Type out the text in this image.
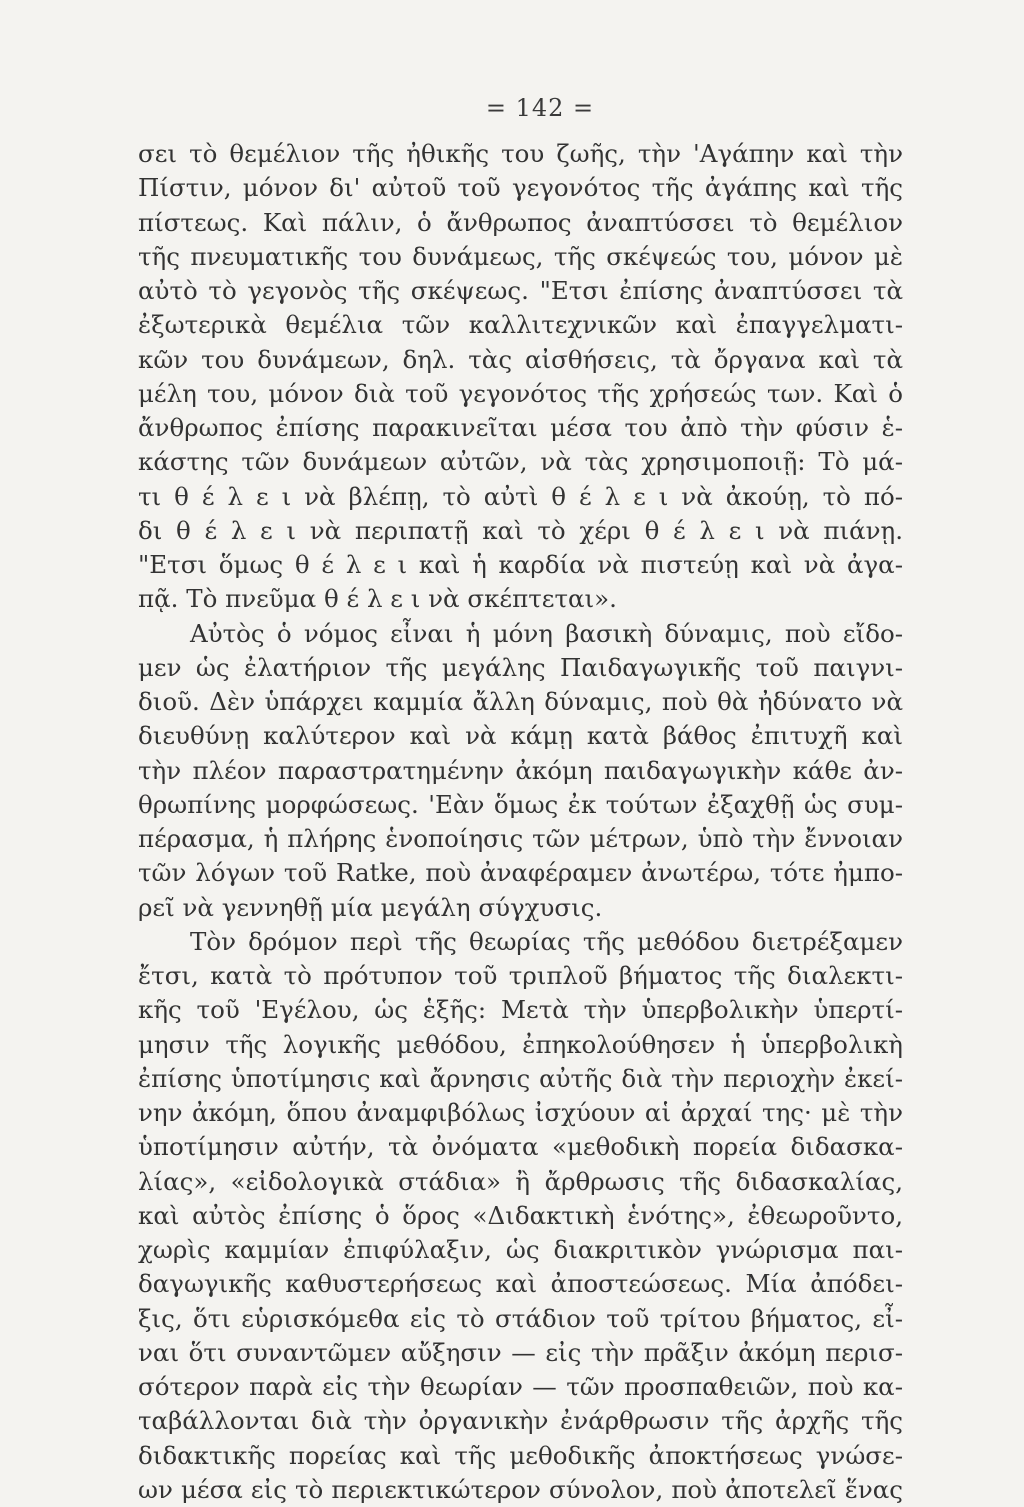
= 142 =
σει τὸ θεμέλιον τῆς ἠθικῆς του ζωῆς, τὴν 'Αγάπην καὶ τὴν
Πίστιν, μόνον δι' αὐτοῦ τοῦ γεγονότος τῆς ἀγάπης καὶ τῆς
πίστεως. Καὶ πάλιν, ὁ ἄνθρωπος ἀναπτύσσει τὸ θεμέλιον
τῆς πνευματικῆς του δυνάμεως, τῆς σκέψεώς του, μόνον μὲ
αὐτὸ τὸ γεγονὸς τῆς σκέψεως. "Ετσι ἐπίσης ἀναπτύσσει τὰ
ἐξωτερικὰ θεμέλια τῶν καλλιτεχνικῶν καὶ ἐπαγγελματι-
κῶν του δυνάμεων, δηλ. τὰς αἰσθήσεις, τὰ ὄργανα καὶ τὰ
μέλη του, μόνον διὰ τοῦ γεγονότος τῆς χρήσεώς των. Καὶ ὁ
ἄνθρωπος ἐπίσης παρακινεῖται μέσα του ἀπὸ τὴν φύσιν ἑ-
κάστης τῶν δυνάμεων αὐτῶν, νὰ τὰς χρησιμοποιῇ: Τὸ μά-
τι θ έ λ ε ι νὰ βλέπῃ, τὸ αὐτὶ θ έ λ ε ι νὰ ἀκούῃ, τὸ πό-
δι θ έ λ ε ι νὰ περιπατῇ καὶ τὸ χέρι θ έ λ ε ι νὰ πιάνῃ.
"Ετσι ὅμως θ έ λ ε ι καὶ ἡ καρδία νὰ πιστεύῃ καὶ νὰ ἀγα-
πᾷ. Τὸ πνεῦμα θ έ λ ε ι νὰ σκέπτεται».
Αὐτὸς ὁ νόμος εἶναι ἡ μόνη βασικὴ δύναμις, ποὺ εἴδο-
μεν ὡς ἐλατήριον τῆς μεγάλης Παιδαγωγικῆς τοῦ παιγνι-
διοῦ. Δὲν ὑπάρχει καμμία ἄλλη δύναμις, ποὺ θὰ ἠδύνατο νὰ
διευθύνῃ καλύτερον καὶ νὰ κάμῃ κατὰ βάθος ἐπιτυχῆ καὶ
τὴν πλέον παραστρατημένην ἀκόμη παιδαγωγικὴν κάθε ἀν-
θρωπίνης μορφώσεως. 'Εὰν ὅμως ἐκ τούτων ἐξαχθῇ ὡς συμ-
πέρασμα, ἡ πλήρης ἑνοποίησις τῶν μέτρων, ὑπὸ τὴν ἔννοιαν
τῶν λόγων τοῦ Ratke, ποὺ ἀναφέραμεν ἀνωτέρω, τότε ἠμπο-
ρεῖ νὰ γεννηθῇ μία μεγάλη σύγχυσις.
Τὸν δρόμον περὶ τῆς θεωρίας τῆς μεθόδου διετρέξαμεν
ἔτσι, κατὰ τὸ πρότυπον τοῦ τριπλοῦ βήματος τῆς διαλεκτι-
κῆς τοῦ 'Εγέλου, ὡς ἑξῆς: Μετὰ τὴν ὑπερβολικὴν ὑπερτί-
μησιν τῆς λογικῆς μεθόδου, ἐπηκολούθησεν ἡ ὑπερβολικὴ
ἐπίσης ὑποτίμησις καὶ ἄρνησις αὐτῆς διὰ τὴν περιοχὴν ἐκεί-
νην ἀκόμη, ὅπου ἀναμφιβόλως ἰσχύουν αἱ ἀρχαί της· μὲ τὴν
ὑποτίμησιν αὐτήν, τὰ ὀνόματα «μεθοδικὴ πορεία διδασκα-
λίας», «εἰδολογικὰ στάδια» ἢ ἄρθρωσις τῆς διδασκαλίας,
καὶ αὐτὸς ἐπίσης ὁ ὅρος «Διδακτικὴ ἑνότης», ἐθεωροῦντο,
χωρὶς καμμίαν ἐπιφύλαξιν, ὡς διακριτικὸν γνώρισμα παι-
δαγωγικῆς καθυστερήσεως καὶ ἀποστεώσεως. Μία ἀπόδει-
ξις, ὅτι εὑρισκόμεθα εἰς τὸ στάδιον τοῦ τρίτου βήματος, εἶ-
ναι ὅτι συναντῶμεν αὔξησιν — εἰς τὴν πρᾶξιν ἀκόμη περισ-
σότερον παρὰ εἰς τὴν θεωρίαν — τῶν προσπαθειῶν, ποὺ κα-
ταβάλλονται διὰ τὴν ὀργανικὴν ἐνάρθρωσιν τῆς ἀρχῆς τῆς
διδακτικῆς πορείας καὶ τῆς μεθοδικῆς ἀποκτήσεως γνώσε-
ων μέσα εἰς τὸ περιεκτικώτερον σύνολον, ποὺ ἀποτελεῖ ἕνας
